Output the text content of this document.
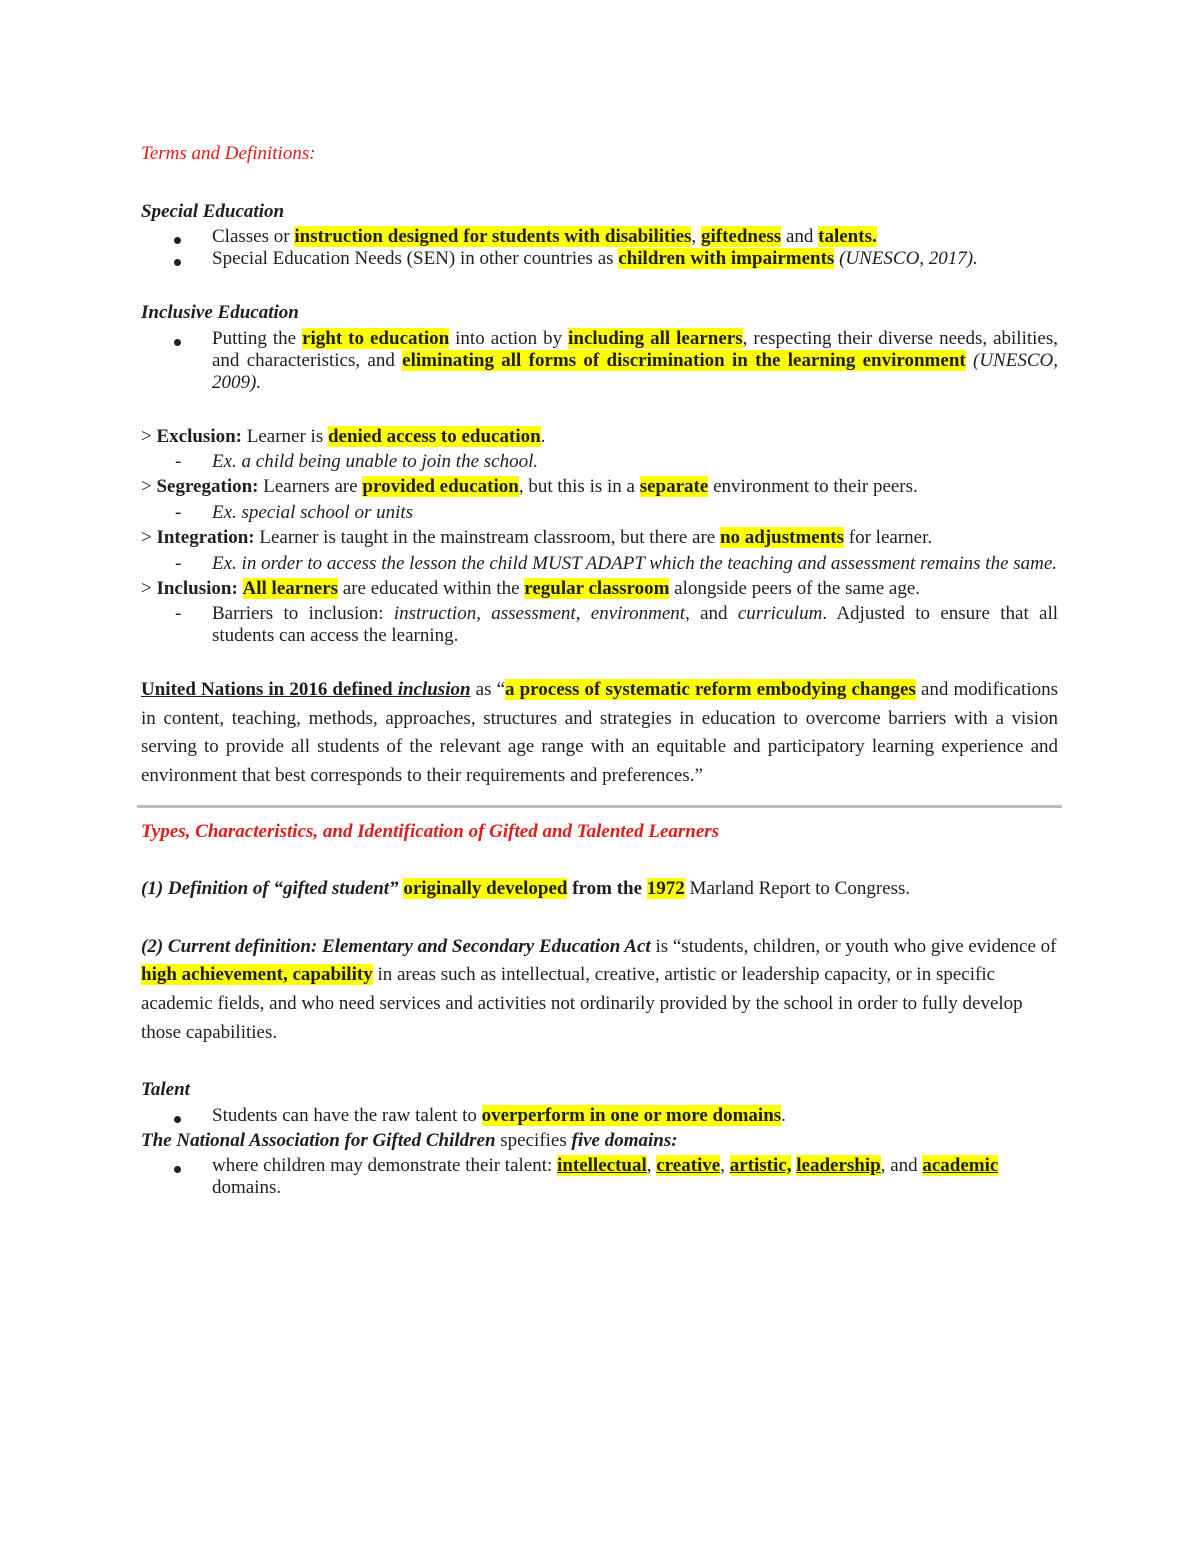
Terms and Definitions:

Special Education

Classes or instruction designed for students with disabilities, giftedness and talents.
Special Education Needs (SEN) in other countries as children with impairments (UNESCO, 2017).

Inclusive Education

Putting the right to education into action by including all learners, respecting their diverse needs, abilities, and characteristics, and eliminating all forms of discrimination in the learning environment (UNESCO, 2009).

> Exclusion: Learner is denied access to education.

- Ex. a child being unable to join the school.

> Segregation: Learners are provided education, but this is in a separate environment to their peers.

- Ex. special school or units

> Integration: Learner is taught in the mainstream classroom, but there are no adjustments for learner.

- Ex. in order to access the lesson the child MUST ADAPT which the teaching and assessment remains the same.

> Inclusion: All learners are educated within the regular classroom alongside peers of the same age.

- Barriers to inclusion: instruction, assessment, environment, and curriculum. Adjusted to ensure that all students can access the learning.

United Nations in 2016 defined inclusion as “a process of systematic reform embodying changes and modifications in content, teaching, methods, approaches, structures and strategies in education to overcome barriers with a vision serving to provide all students of the relevant age range with an equitable and participatory learning experience and environment that best corresponds to their requirements and preferences.”

Types, Characteristics, and Identification of Gifted and Talented Learners

(1) Definition of “gifted student” originally developed from the 1972 Marland Report to Congress.

(2) Current definition: Elementary and Secondary Education Act is “students, children, or youth who give evidence of high achievement, capability in areas such as intellectual, creative, artistic or leadership capacity, or in specific academic fields, and who need services and activities not ordinarily provided by the school in order to fully develop those capabilities.

Talent

Students can have the raw talent to overperform in one or more domains.

The National Association for Gifted Children specifies five domains:

where children may demonstrate their talent: intellectual, creative, artistic, leadership, and academic domains.
